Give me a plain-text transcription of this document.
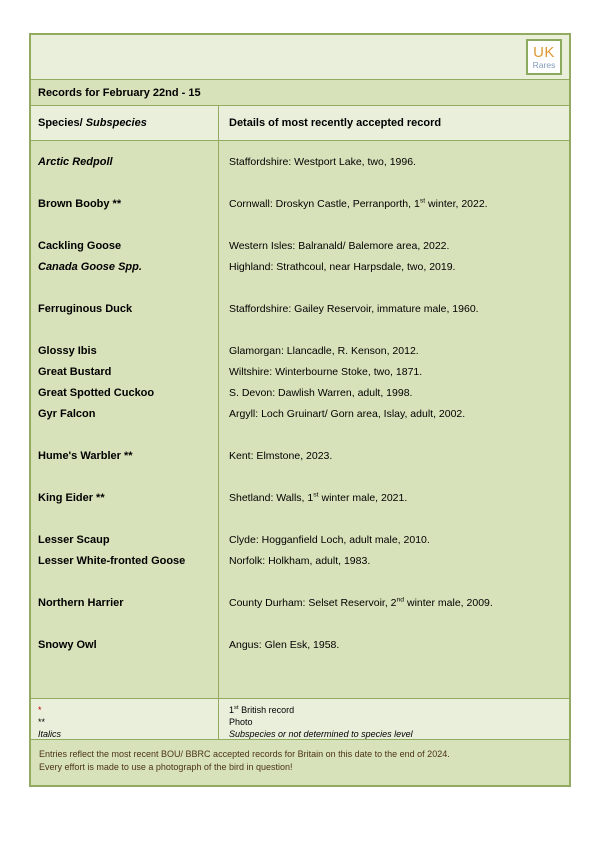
UK
Rares
Records for February 22nd - 15
Species/
Subspecies	Details of most recently accepted record
Arctic Redpoll
Brown Booby **
Cackling Goose
Canada Goose Spp.
Ferruginous Duck
Glossy Ibis
Great Bustard
Great Spotted Cuckoo
Gyr Falcon
Hume's Warbler **
King Eider **
Lesser Scaup
Lesser White-fronted Goose
Northern Harrier
Snowy Owl
Staffordshire: Westport Lake, two, 1996.
Cornwall: Droskyn Castle, Perranporth, 1st winter, 2022.
Western Isles: Balranald/ Balemore area, 2022.
Highland: Strathcoul, near Harpsdale, two, 2019.
Staffordshire: Gailey Reservoir, immature male, 1960.
Glamorgan: Llancadle, R. Kenson, 2012.
Wiltshire: Winterbourne Stoke, two, 1871.
S. Devon: Dawlish Warren, adult, 1998.
Argyll: Loch Gruinart/ Gorn area, Islay, adult, 2002.
Kent: Elmstone, 2023.
Shetland: Walls, 1st winter male, 2021.
Clyde: Hogganfield Loch, adult male, 2010.
Norfolk: Holkham, adult, 1983.
County Durham: Selset Reservoir, 2nd winter male, 2009.
Angus: Glen Esk, 1958.
*
**
Italics
1st British record
Photo
Subspecies or not determined to species level
Entries reflect the most recent BOU/ BBRC accepted records for Britain on this date to the end of 2024.
Every effort is made to use a photograph of the bird in question!
